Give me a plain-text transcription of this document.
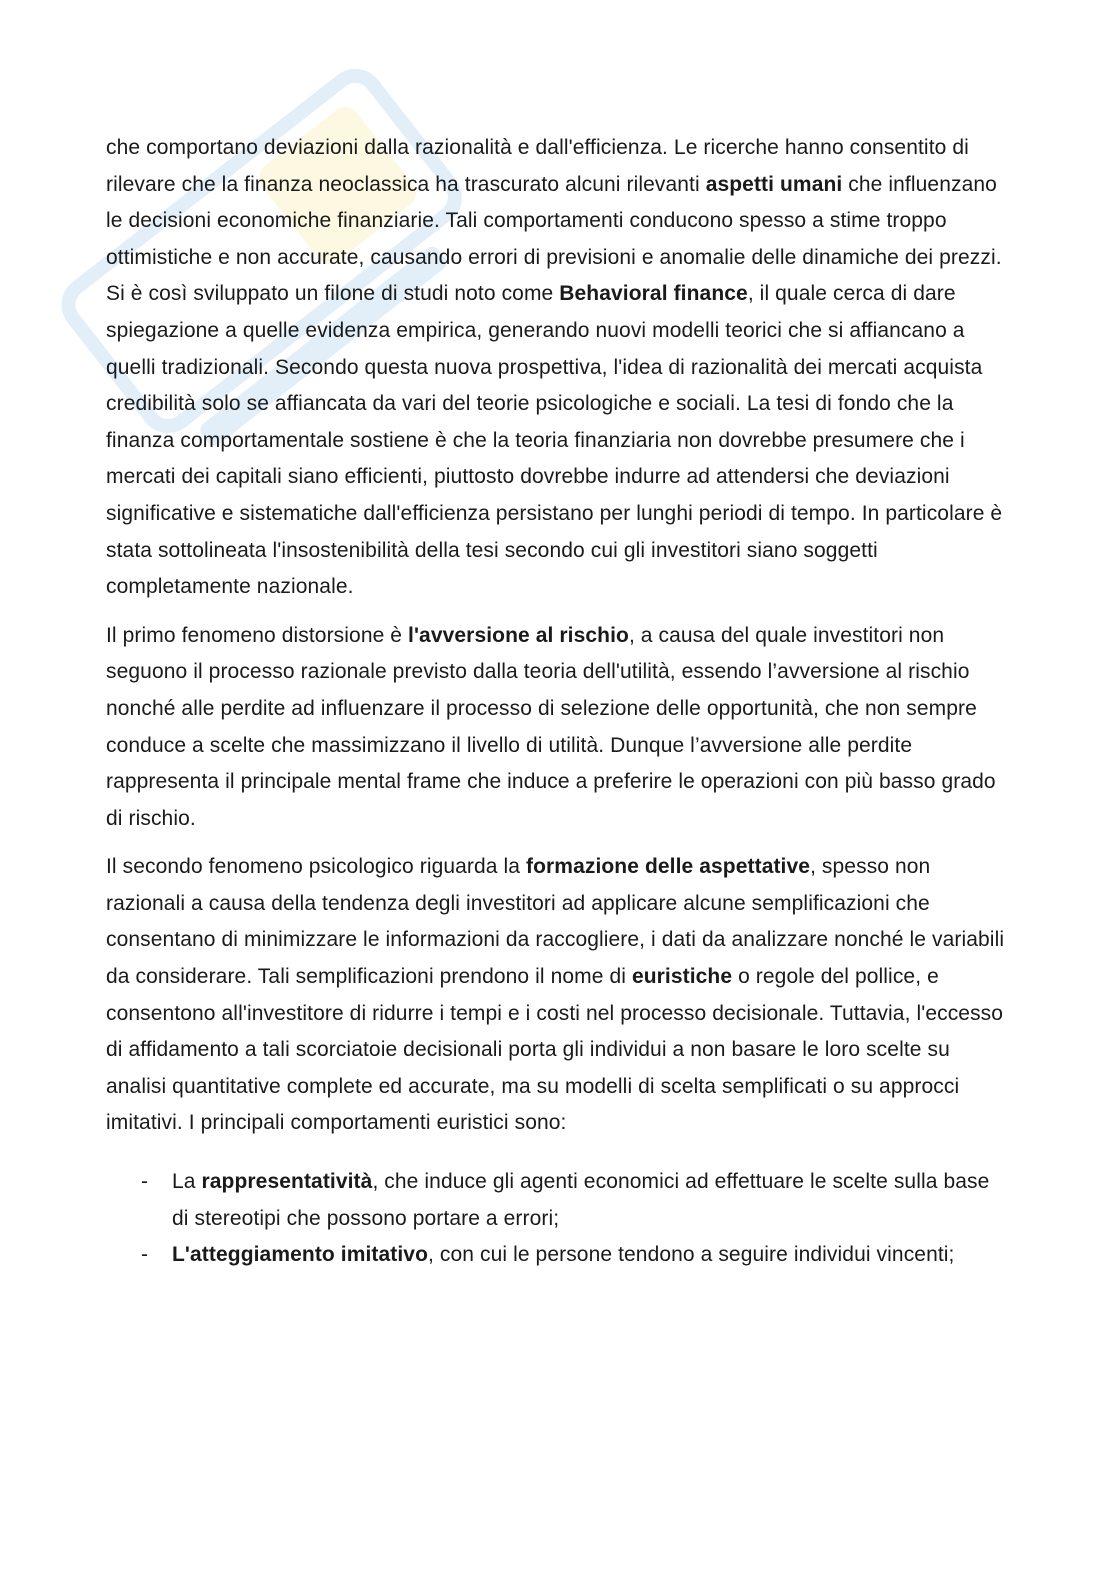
che comportano deviazioni dalla razionalità e dall'efficienza. Le ricerche hanno consentito di rilevare che la finanza neoclassica ha trascurato alcuni rilevanti aspetti umani che influenzano le decisioni economiche finanziarie. Tali comportamenti conducono spesso a stime troppo ottimistiche e non accurate, causando errori di previsioni e anomalie delle dinamiche dei prezzi. Si è così sviluppato un filone di studi noto come Behavioral finance, il quale cerca di dare spiegazione a quelle evidenza empirica, generando nuovi modelli teorici che si affiancano a quelli tradizionali. Secondo questa nuova prospettiva, l'idea di razionalità dei mercati acquista credibilità solo se affiancata da vari del teorie psicologiche e sociali. La tesi di fondo che la finanza comportamentale sostiene è che la teoria finanziaria non dovrebbe presumere che i mercati dei capitali siano efficienti, piuttosto dovrebbe indurre ad attendersi che deviazioni significative e sistematiche dall'efficienza persistano per lunghi periodi di tempo. In particolare è stata sottolineata l'insostenibilità della tesi secondo cui gli investitori siano soggetti completamente nazionale.

Il primo fenomeno distorsione è l'avversione al rischio, a causa del quale investitori non seguono il processo razionale previsto dalla teoria dell'utilità, essendo l’avversione al rischio nonché alle perdite ad influenzare il processo di selezione delle opportunità, che non sempre conduce a scelte che massimizzano il livello di utilità. Dunque l’avversione alle perdite rappresenta il principale mental frame che induce a preferire le operazioni con più basso grado di rischio.

Il secondo fenomeno psicologico riguarda la formazione delle aspettative, spesso non razionali a causa della tendenza degli investitori ad applicare alcune semplificazioni che consentano di minimizzare le informazioni da raccogliere, i dati da analizzare nonché le variabili da considerare. Tali semplificazioni prendono il nome di euristiche o regole del pollice, e consentono all'investitore di ridurre i tempi e i costi nel processo decisionale. Tuttavia, l'eccesso di affidamento a tali scorciatoie decisionali porta gli individui a non basare le loro scelte su analisi quantitative complete ed accurate, ma su modelli di scelta semplificati o su approcci imitativi. I principali comportamenti euristici sono:

- La rappresentatività, che induce gli agenti economici ad effettuare le scelte sulla base di stereotipi che possono portare a errori;
- L'atteggiamento imitativo, con cui le persone tendono a seguire individui vincenti;
